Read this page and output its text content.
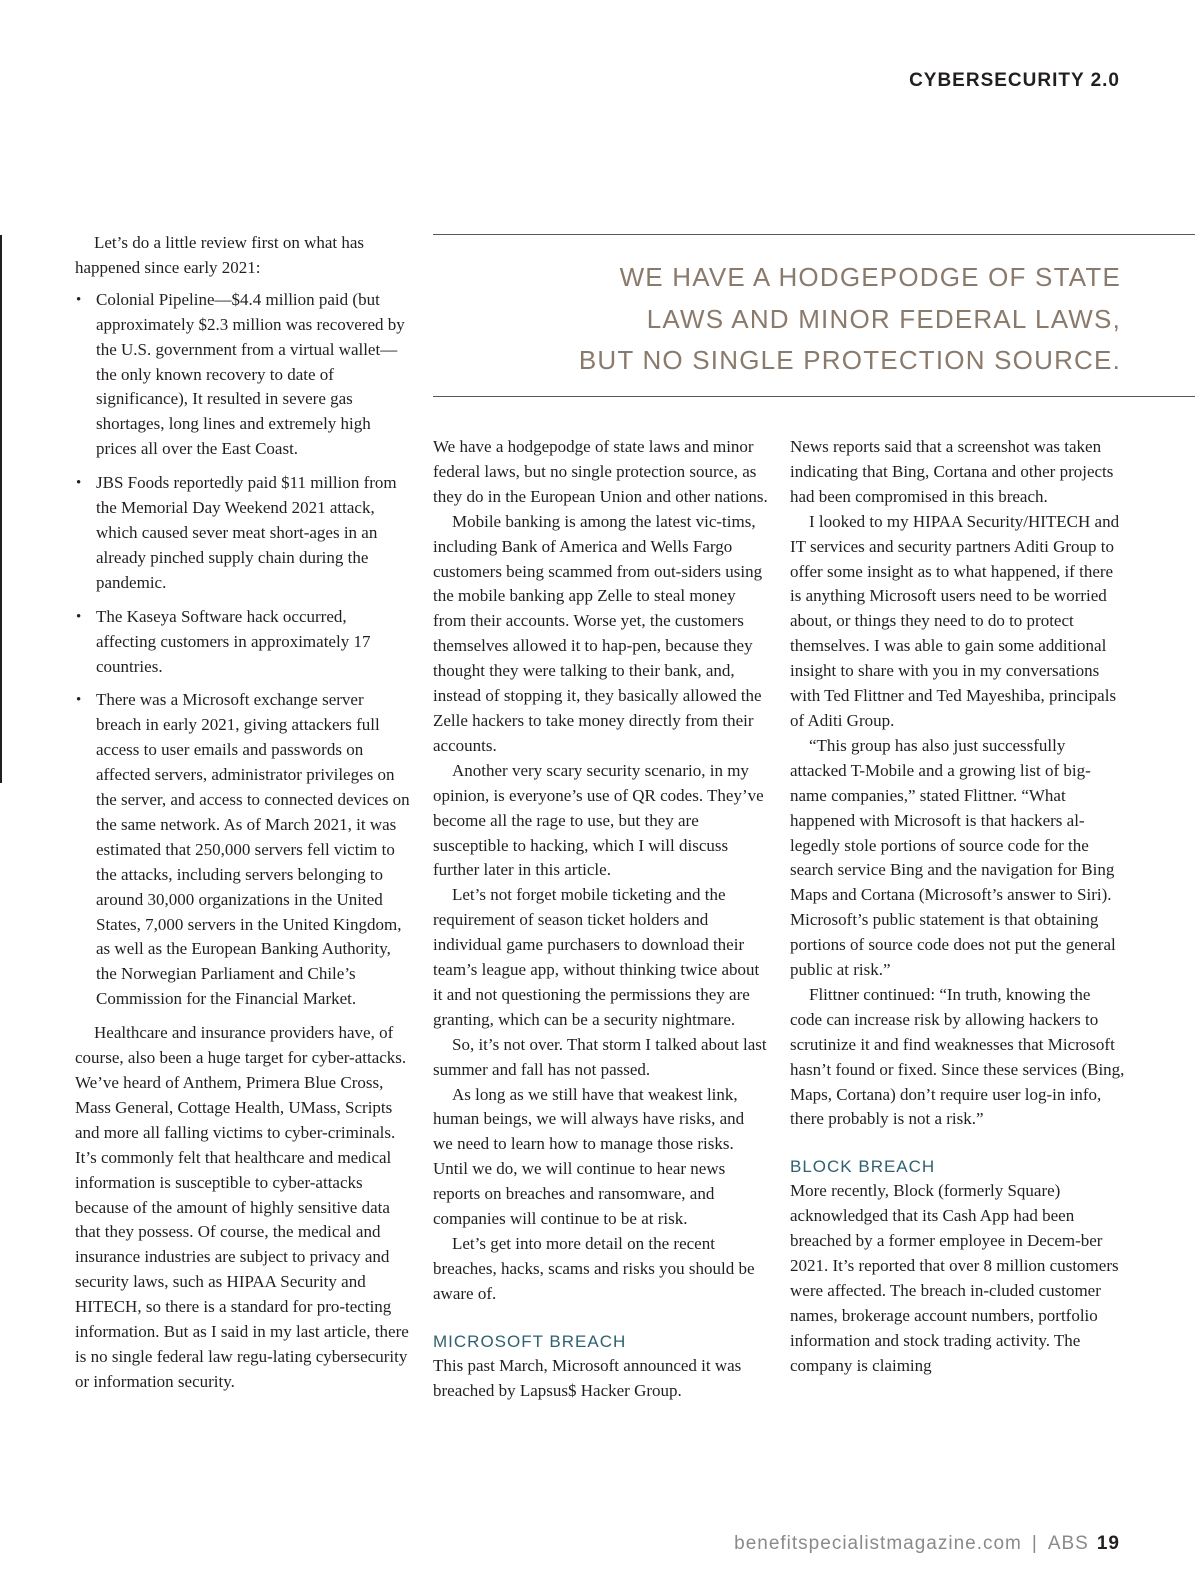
CYBERSECURITY 2.0

Let’s do a little review first on what has happened since early 2021:

• Colonial Pipeline—$4.4 million paid (but approximately $2.3 million was recovered by the U.S. government from a virtual wallet—the only known recovery to date of significance), It resulted in severe gas shortages, long lines and extremely high prices all over the East Coast.
• JBS Foods reportedly paid $11 million from the Memorial Day Weekend 2021 attack, which caused sever meat short-ages in an already pinched supply chain during the pandemic.
• The Kaseya Software hack occurred, affecting customers in approximately 17 countries.
• There was a Microsoft exchange server breach in early 2021, giving attackers full access to user emails and passwords on affected servers, administrator privileges on the server, and access to connected devices on the same network. As of March 2021, it was estimated that 250,000 servers fell victim to the attacks, including servers belonging to around 30,000 organizations in the United States, 7,000 servers in the United Kingdom, as well as the European Banking Authority, the Norwegian Parliament and Chile’s Commission for the Financial Market.

Healthcare and insurance providers have, of course, also been a huge target for cyber-attacks. We’ve heard of Anthem, Primera Blue Cross, Mass General, Cottage Health, UMass, Scripts and more all falling victims to cyber-criminals. It’s commonly felt that healthcare and medical information is susceptible to cyber-attacks because of the amount of highly sensitive data that they possess. Of course, the medical and insurance industries are subject to privacy and security laws, such as HIPAA Security and HITECH, so there is a standard for pro-tecting information. But as I said in my last article, there is no single federal law regu-lating cybersecurity or information security.

WE HAVE A HODGEPODGE OF STATE
LAWS AND MINOR FEDERAL LAWS,
BUT NO SINGLE PROTECTION SOURCE.

We have a hodgepodge of state laws and minor federal laws, but no single protection source, as they do in the European Union and other nations.

Mobile banking is among the latest vic-tims, including Bank of America and Wells Fargo customers being scammed from out-siders using the mobile banking app Zelle to steal money from their accounts. Worse yet, the customers themselves allowed it to hap-pen, because they thought they were talking to their bank, and, instead of stopping it, they basically allowed the Zelle hackers to take money directly from their accounts.

Another very scary security scenario, in my opinion, is everyone’s use of QR codes. They’ve become all the rage to use, but they are susceptible to hacking, which I will discuss further later in this article.

Let’s not forget mobile ticketing and the requirement of season ticket holders and individual game purchasers to download their team’s league app, without thinking twice about it and not questioning the permissions they are granting, which can be a security nightmare.

So, it’s not over. That storm I talked about last summer and fall has not passed.

As long as we still have that weakest link, human beings, we will always have risks, and we need to learn how to manage those risks. Until we do, we will continue to hear news reports on breaches and ransomware, and companies will continue to be at risk.

Let’s get into more detail on the recent breaches, hacks, scams and risks you should be aware of.

MICROSOFT BREACH

This past March, Microsoft announced it was breached by Lapsus$ Hacker Group.

News reports said that a screenshot was taken indicating that Bing, Cortana and other projects had been compromised in this breach.

I looked to my HIPAA Security/HITECH and IT services and security partners Aditi Group to offer some insight as to what happened, if there is anything Microsoft users need to be worried about, or things they need to do to protect themselves. I was able to gain some additional insight to share with you in my conversations with Ted Flittner and Ted Mayeshiba, principals of Aditi Group.

“This group has also just successfully attacked T-Mobile and a growing list of big-name companies,” stated Flittner. “What happened with Microsoft is that hackers al-legedly stole portions of source code for the search service Bing and the navigation for Bing Maps and Cortana (Microsoft’s answer to Siri). Microsoft’s public statement is that obtaining portions of source code does not put the general public at risk.”

Flittner continued: “In truth, knowing the code can increase risk by allowing hackers to scrutinize it and find weaknesses that Microsoft hasn’t found or fixed. Since these services (Bing, Maps, Cortana) don’t require user log-in info, there probably is not a risk.”

BLOCK BREACH

More recently, Block (formerly Square) acknowledged that its Cash App had been breached by a former employee in Decem-ber 2021. It’s reported that over 8 million customers were affected. The breach in-cluded customer names, brokerage account numbers, portfolio information and stock trading activity. The company is claiming

benefitspecialistmagazine.com | ABS 19
